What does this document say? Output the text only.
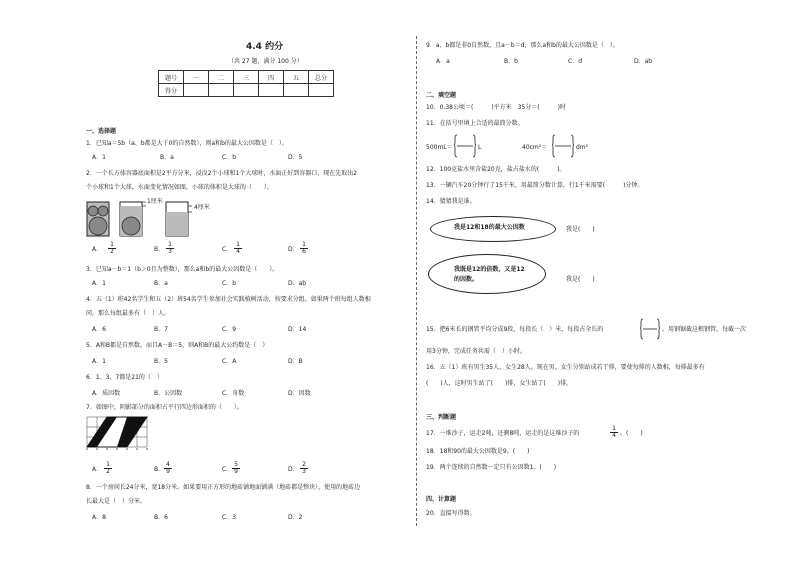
4.4 约分
（共 27 题，满分 100 分）
题号	一	二	三	四	五	总分
得分						
一、选择题
1．已知a＝5b（a、b都是大于0的自然数），则a和b的最大公因数是（　）。
A．1	B．a	C．b	D．5
2．一个长方体容器底面积是2平方分米，浸没2个小球和1个大球时，水面正好到容器口，现在先取出2
个小球和1个大球，水面变化情况如图，小球的体积是大球的（　　）。
1厘米
4厘米
A． $\frac{1}{2}$	B． $\frac{1}{3}$	C． $\frac{1}{4}$	D． $\frac{1}{6}$
3．已知a－b＝1（b＞0且为整数），那么a和b的最大公因数是（　　）。
A．1	B．a	C．b	D．ab
4．五（1）班42名学生和五（2）班54名学生参加社会实践植树活动，按要求分组。如果两个班每组人数相
同，那么每组最多有（　）人。
A．6	B．7	C．9	D．14
5．A和B都是自然数，而且A－B＝5，则A和B的最大公约数是（　）
A．1	B．5	C．A	D．B
6．1、3、7都是21的（　）
A．质因数	B．公因数	C．奇数	D．因数
7．如图中，阴影部分的面积占平行四边形面积的（　　）。
A． $\frac{1}{2}$	B． $\frac{4}{9}$	C． $\frac{5}{9}$	D． $\frac{2}{3}$
8．一个房间长24分米，宽18分米。如果要用正方形的地砖铺地面铺满（地砖都是整块），使用的地砖边
长最大是（　）分米。
A．8	B．6	C．3	D．2
9．a、b都是非0自然数，且a－b＝d，那么a和b的最大公因数是（　）。
A．a	B．b	C．d	D．ab
二、填空题
10．0.38公顷＝(　　　)平方米　35分＝(　　　)时
11．在括号里填上合适的最简分数。
500mL＝	L	40cm²＝	dm²
12．100克盐水里含盐20克，盐占盐水的(　　　)。
13．一辆汽车20分钟行了15千米，用最简分数计算，行1千米需要(　　　)分钟。
14．猜猜我是谁。
我是12和18的最大公因数	我是(　　)
我既是12的倍数，又是12
的因数。	我是(　　)
15．把6米长的钢管平均分成9段，每段长（　）米，每段占全长的	。用钢锯截这根钢管，每截一次
用3分钟，完成任务共需（　）小时。
16．五（1）班有男生35人，女生28人。现在男、女生分别站成若干排，要使每排的人数相，每排最多有
(　　)人，这时男生站了(　　)排，女生站了(　　)排。
三、判断题
17．一堆沙子，运走2吨，还剩8吨，运走的是这堆沙子的	$\frac{1}{4}$ 。(　　)
18．18和90的最大公因数是9。(　　)
19．两个连续的自然数一定只有公因数1。(　　)
四、计算题
20．直接写得数。
